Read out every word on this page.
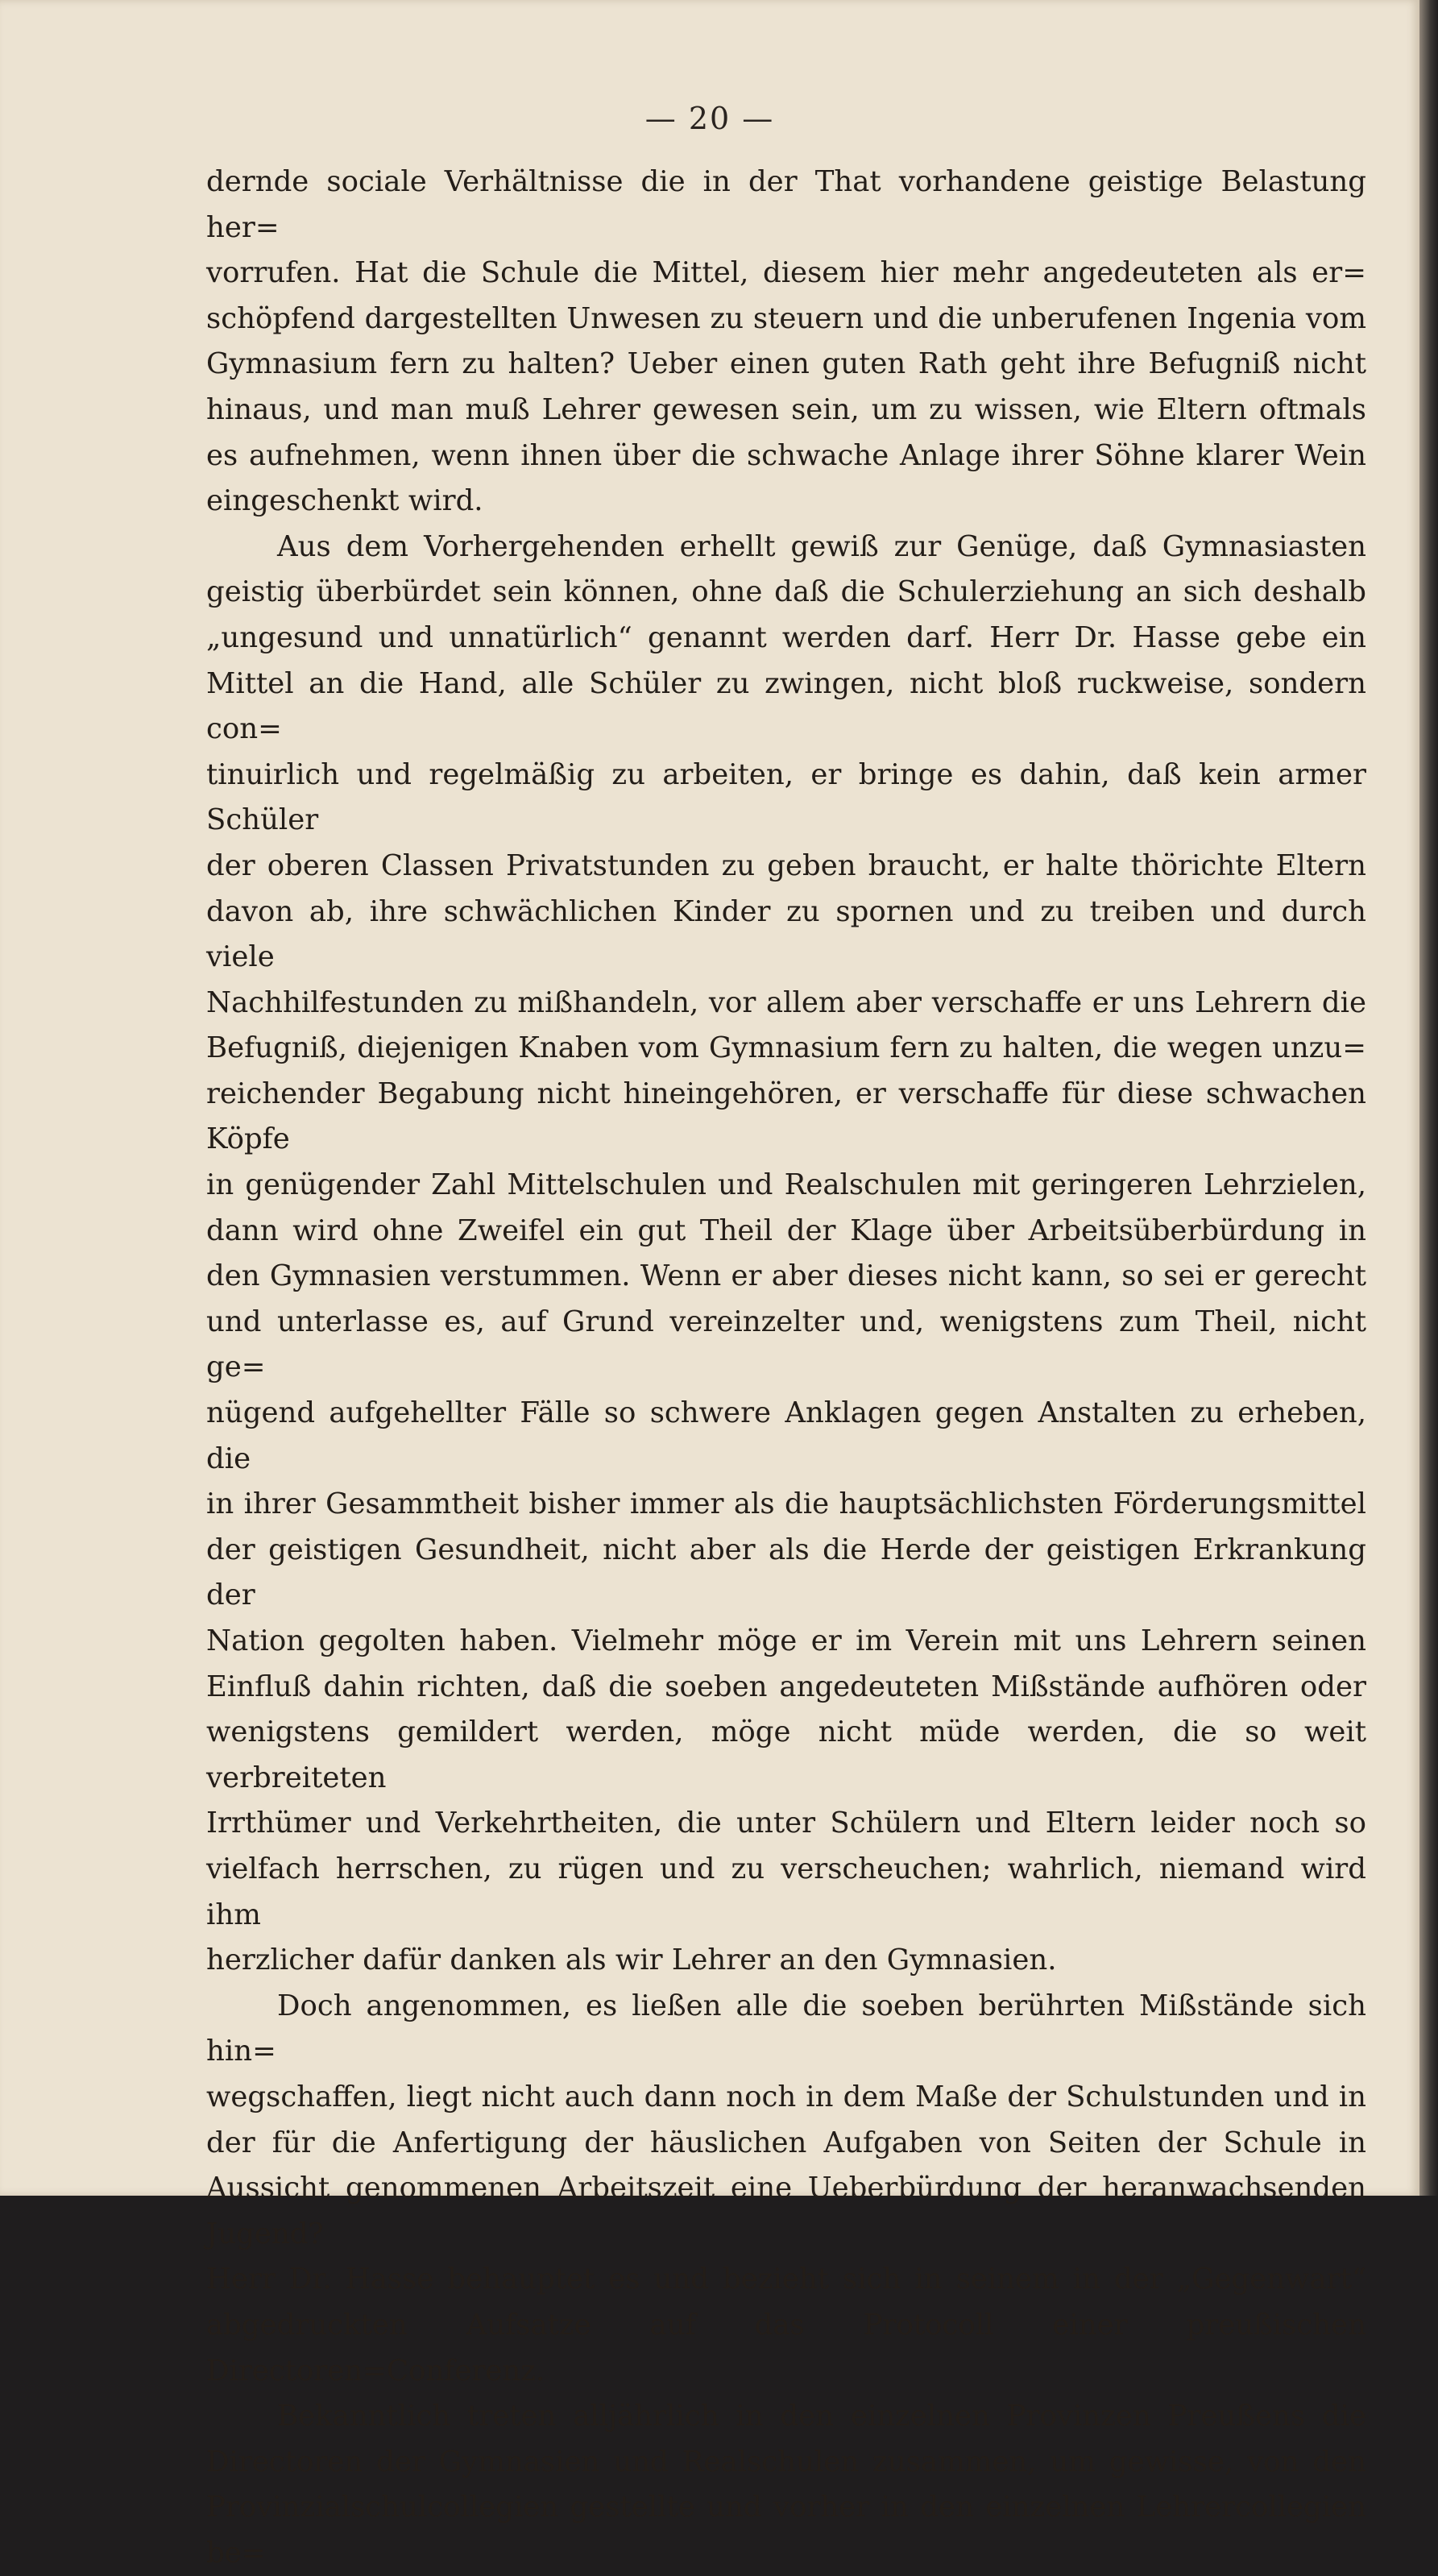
— 20 —

dernde sociale Verhältnisse die in der That vorhandene geistige Belastung her=

vorrufen. Hat die Schule die Mittel, diesem hier mehr angedeuteten als er=

schöpfend dargestellten Unwesen zu steuern und die unberufenen Ingenia vom

Gymnasium fern zu halten? Ueber einen guten Rath geht ihre Befugniß nicht

hinaus, und man muß Lehrer gewesen sein, um zu wissen, wie Eltern oftmals

es aufnehmen, wenn ihnen über die schwache Anlage ihrer Söhne klarer Wein

eingeschenkt wird.

Aus dem Vorhergehenden erhellt gewiß zur Genüge, daß Gymnasiasten

geistig überbürdet sein können, ohne daß die Schulerziehung an sich deshalb

„ungesund und unnatürlich“ genannt werden darf. Herr Dr. Hasse gebe ein

Mittel an die Hand, alle Schüler zu zwingen, nicht bloß ruckweise, sondern con=

tinuirlich und regelmäßig zu arbeiten, er bringe es dahin, daß kein armer Schüler

der oberen Classen Privatstunden zu geben braucht, er halte thörichte Eltern

davon ab, ihre schwächlichen Kinder zu spornen und zu treiben und durch viele

Nachhilfestunden zu mißhandeln, vor allem aber verschaffe er uns Lehrern die

Befugniß, diejenigen Knaben vom Gymnasium fern zu halten, die wegen unzu=

reichender Begabung nicht hineingehören, er verschaffe für diese schwachen Köpfe

in genügender Zahl Mittelschulen und Realschulen mit geringeren Lehrzielen,

dann wird ohne Zweifel ein gut Theil der Klage über Arbeitsüberbürdung in

den Gymnasien verstummen. Wenn er aber dieses nicht kann, so sei er gerecht

und unterlasse es, auf Grund vereinzelter und, wenigstens zum Theil, nicht ge=

nügend aufgehellter Fälle so schwere Anklagen gegen Anstalten zu erheben, die

in ihrer Gesammtheit bisher immer als die hauptsächlichsten Förderungsmittel

der geistigen Gesundheit, nicht aber als die Herde der geistigen Erkrankung der

Nation gegolten haben. Vielmehr möge er im Verein mit uns Lehrern seinen

Einfluß dahin richten, daß die soeben angedeuteten Mißstände aufhören oder

wenigstens gemildert werden, möge nicht müde werden, die so weit verbreiteten

Irrthümer und Verkehrtheiten, die unter Schülern und Eltern leider noch so

vielfach herrschen, zu rügen und zu verscheuchen; wahrlich, niemand wird ihm

herzlicher dafür danken als wir Lehrer an den Gymnasien.

Doch angenommen, es ließen alle die soeben berührten Mißstände sich hin=

wegschaffen, liegt nicht auch dann noch in dem Maße der Schulstunden und in

der für die Anfertigung der häuslichen Aufgaben von Seiten der Schule in

Aussicht genommenen Arbeitszeit eine Ueberbürdung der heranwachsenden Jugend?

Herr Dr. Hasse behauptet es und bezieht sich in seinem in der „Gegenwart“

abgedruckten Aufsatze auf das Protocoll einer preußischen Directoren=Conferenz.

Bekanntlich treten alljährlich in den einzelnen Provinzen Preußens die

Directoren der Gymnasien und Realschulen zusammen, um gewisse, von den

Provinzialschulcollegien gestellte und vorher in den einzelnen Lehrercollegien be=
